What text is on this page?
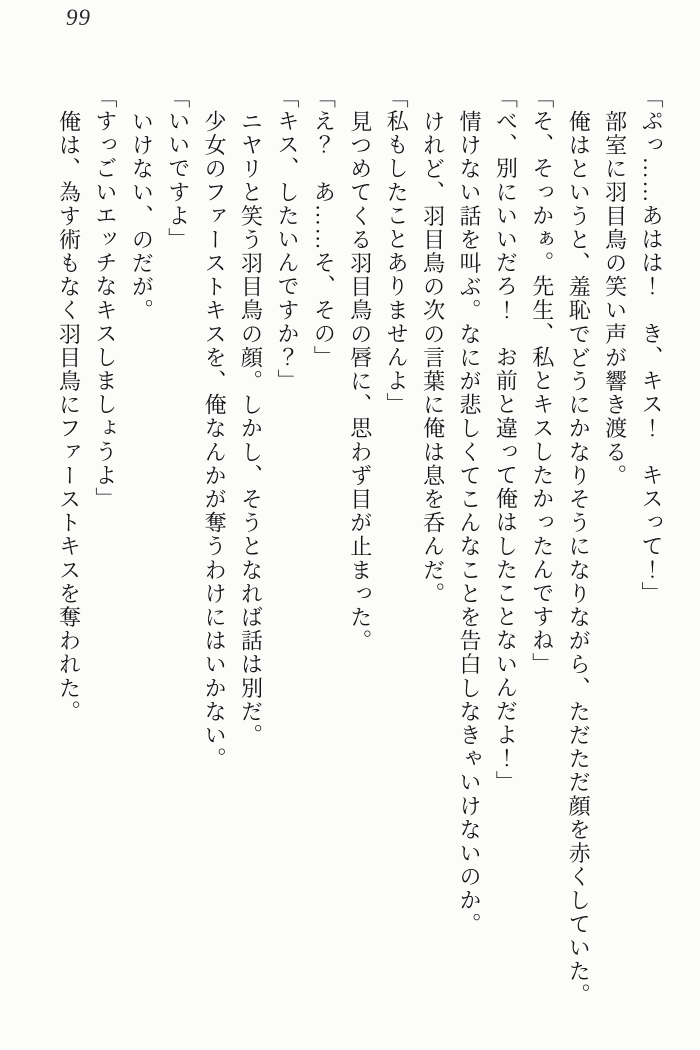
99

「ぷっ……あはは！　き、キス！　キスって！」

部室に羽目鳥の笑い声が響き渡る。

俺はというと、羞恥でどうにかなりそうになりながら、ただただ顔を赤くしていた。

「そ、そっかぁ。先生、私とキスしたかったんですね」

「べ、別にいいだろ！　お前と違って俺はしたことないんだよ！」

情けない話を叫ぶ。なにが悲しくてこんなことを告白しなきゃいけないのか。

けれど、羽目鳥の次の言葉に俺は息を呑んだ。

「私もしたことありませんよ」

見つめてくる羽目鳥の唇に、思わず目が止まった。

「え？　あ……そ、その」

「キス、したいんですか？」

ニヤリと笑う羽目鳥の顔。しかし、そうとなれば話は別だ。

少女のファーストキスを、俺なんかが奪うわけにはいかない。

「いいですよ」

いけない、のだが。

「すっごいエッチなキスしましょうよ」

俺は、為す術もなく羽目鳥にファーストキスを奪われた。
